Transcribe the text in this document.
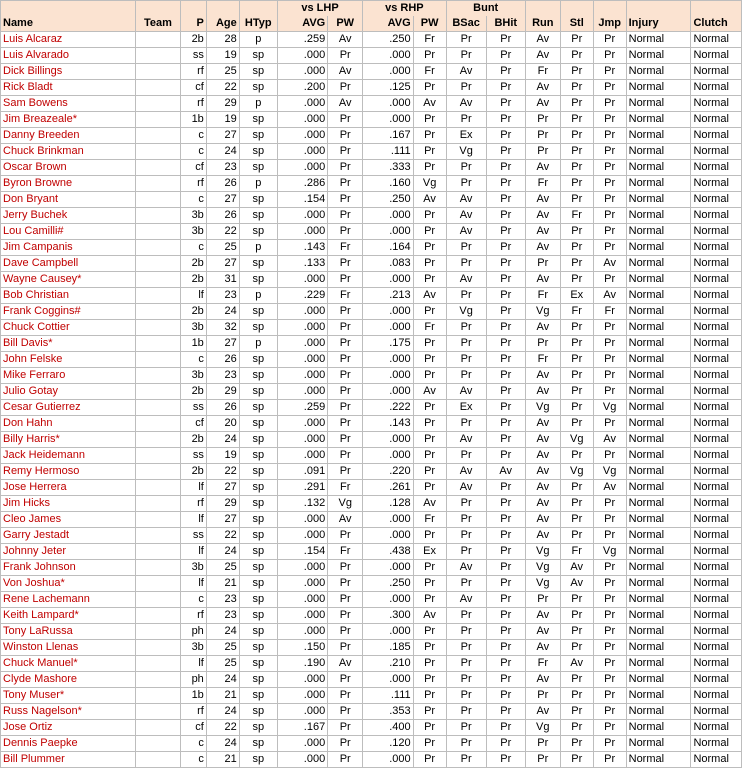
					vs LHP		vs RHP		Bunt						
Name	Team	P	Age	HTyp	AVG	PW	AVG	PW	BSac	BHit	Run	Stl	Jmp	Injury	Clutch
Luis Alcaraz		2b	28	p	.259	Av	.250	Fr	Pr	Pr	Av	Pr	Pr	Normal	Normal
Luis Alvarado		ss	19	sp	.000	Pr	.000	Pr	Pr	Pr	Av	Pr	Pr	Normal	Normal
Dick Billings		rf	25	sp	.000	Av	.000	Fr	Av	Pr	Fr	Pr	Pr	Normal	Normal
Rick Bladt		cf	22	sp	.200	Pr	.125	Pr	Pr	Pr	Av	Pr	Pr	Normal	Normal
Sam Bowens		rf	29	p	.000	Av	.000	Av	Av	Pr	Av	Pr	Pr	Normal	Normal
Jim Breazeale*		1b	19	sp	.000	Pr	.000	Pr	Pr	Pr	Pr	Pr	Pr	Normal	Normal
Danny Breeden		c	27	sp	.000	Pr	.167	Pr	Ex	Pr	Pr	Pr	Pr	Normal	Normal
Chuck Brinkman		c	24	sp	.000	Pr	.111	Pr	Vg	Pr	Pr	Pr	Pr	Normal	Normal
Oscar Brown		cf	23	sp	.000	Pr	.333	Pr	Pr	Pr	Av	Pr	Pr	Normal	Normal
Byron Browne		rf	26	p	.286	Pr	.160	Vg	Pr	Pr	Fr	Pr	Pr	Normal	Normal
Don Bryant		c	27	sp	.154	Pr	.250	Av	Av	Pr	Av	Pr	Pr	Normal	Normal
Jerry Buchek		3b	26	sp	.000	Pr	.000	Pr	Av	Pr	Av	Fr	Pr	Normal	Normal
Lou Camilli#		3b	22	sp	.000	Pr	.000	Pr	Av	Pr	Av	Pr	Pr	Normal	Normal
Jim Campanis		c	25	p	.143	Fr	.164	Pr	Pr	Pr	Av	Pr	Pr	Normal	Normal
Dave Campbell		2b	27	sp	.133	Pr	.083	Pr	Pr	Pr	Pr	Pr	Av	Normal	Normal
Wayne Causey*		2b	31	sp	.000	Pr	.000	Pr	Av	Pr	Av	Pr	Pr	Normal	Normal
Bob Christian		lf	23	p	.229	Fr	.213	Av	Pr	Pr	Fr	Ex	Av	Normal	Normal
Frank Coggins#		2b	24	sp	.000	Pr	.000	Pr	Vg	Pr	Vg	Fr	Fr	Normal	Normal
Chuck Cottier		3b	32	sp	.000	Pr	.000	Fr	Pr	Pr	Av	Pr	Pr	Normal	Normal
Bill Davis*		1b	27	p	.000	Pr	.175	Pr	Pr	Pr	Pr	Pr	Pr	Normal	Normal
John Felske		c	26	sp	.000	Pr	.000	Pr	Pr	Pr	Fr	Pr	Pr	Normal	Normal
Mike Ferraro		3b	23	sp	.000	Pr	.000	Pr	Pr	Pr	Av	Pr	Pr	Normal	Normal
Julio Gotay		2b	29	sp	.000	Pr	.000	Av	Av	Pr	Av	Pr	Pr	Normal	Normal
Cesar Gutierrez		ss	26	sp	.259	Pr	.222	Pr	Ex	Pr	Vg	Pr	Vg	Normal	Normal
Don Hahn		cf	20	sp	.000	Pr	.143	Pr	Pr	Pr	Av	Pr	Pr	Normal	Normal
Billy Harris*		2b	24	sp	.000	Pr	.000	Pr	Av	Pr	Av	Vg	Av	Normal	Normal
Jack Heidemann		ss	19	sp	.000	Pr	.000	Pr	Pr	Pr	Av	Pr	Pr	Normal	Normal
Remy Hermoso		2b	22	sp	.091	Pr	.220	Pr	Av	Av	Av	Vg	Vg	Normal	Normal
Jose Herrera		lf	27	sp	.291	Fr	.261	Pr	Av	Pr	Av	Pr	Av	Normal	Normal
Jim Hicks		rf	29	sp	.132	Vg	.128	Av	Pr	Pr	Av	Pr	Pr	Normal	Normal
Cleo James		lf	27	sp	.000	Av	.000	Fr	Pr	Pr	Av	Pr	Pr	Normal	Normal
Garry Jestadt		ss	22	sp	.000	Pr	.000	Pr	Pr	Pr	Av	Pr	Pr	Normal	Normal
Johnny Jeter		lf	24	sp	.154	Fr	.438	Ex	Pr	Pr	Vg	Fr	Vg	Normal	Normal
Frank Johnson		3b	25	sp	.000	Pr	.000	Pr	Av	Pr	Vg	Av	Pr	Normal	Normal
Von Joshua*		lf	21	sp	.000	Pr	.250	Pr	Pr	Pr	Vg	Av	Pr	Normal	Normal
Rene Lachemann		c	23	sp	.000	Pr	.000	Pr	Av	Pr	Pr	Pr	Pr	Normal	Normal
Keith Lampard*		rf	23	sp	.000	Pr	.300	Av	Pr	Pr	Av	Pr	Pr	Normal	Normal
Tony LaRussa		ph	24	sp	.000	Pr	.000	Pr	Pr	Pr	Av	Pr	Pr	Normal	Normal
Winston Llenas		3b	25	sp	.150	Pr	.185	Pr	Pr	Pr	Av	Pr	Pr	Normal	Normal
Chuck Manuel*		lf	25	sp	.190	Av	.210	Pr	Pr	Pr	Fr	Av	Pr	Normal	Normal
Clyde Mashore		ph	24	sp	.000	Pr	.000	Pr	Pr	Pr	Av	Pr	Pr	Normal	Normal
Tony Muser*		1b	21	sp	.000	Pr	.111	Pr	Pr	Pr	Pr	Pr	Pr	Normal	Normal
Russ Nagelson*		rf	24	sp	.000	Pr	.353	Pr	Pr	Pr	Av	Pr	Pr	Normal	Normal
Jose Ortiz		cf	22	sp	.167	Pr	.400	Pr	Pr	Pr	Vg	Pr	Pr	Normal	Normal
Dennis Paepke		c	24	sp	.000	Pr	.120	Pr	Pr	Pr	Pr	Pr	Pr	Normal	Normal
Bill Plummer		c	21	sp	.000	Pr	.000	Pr	Pr	Pr	Pr	Pr	Pr	Normal	Normal
